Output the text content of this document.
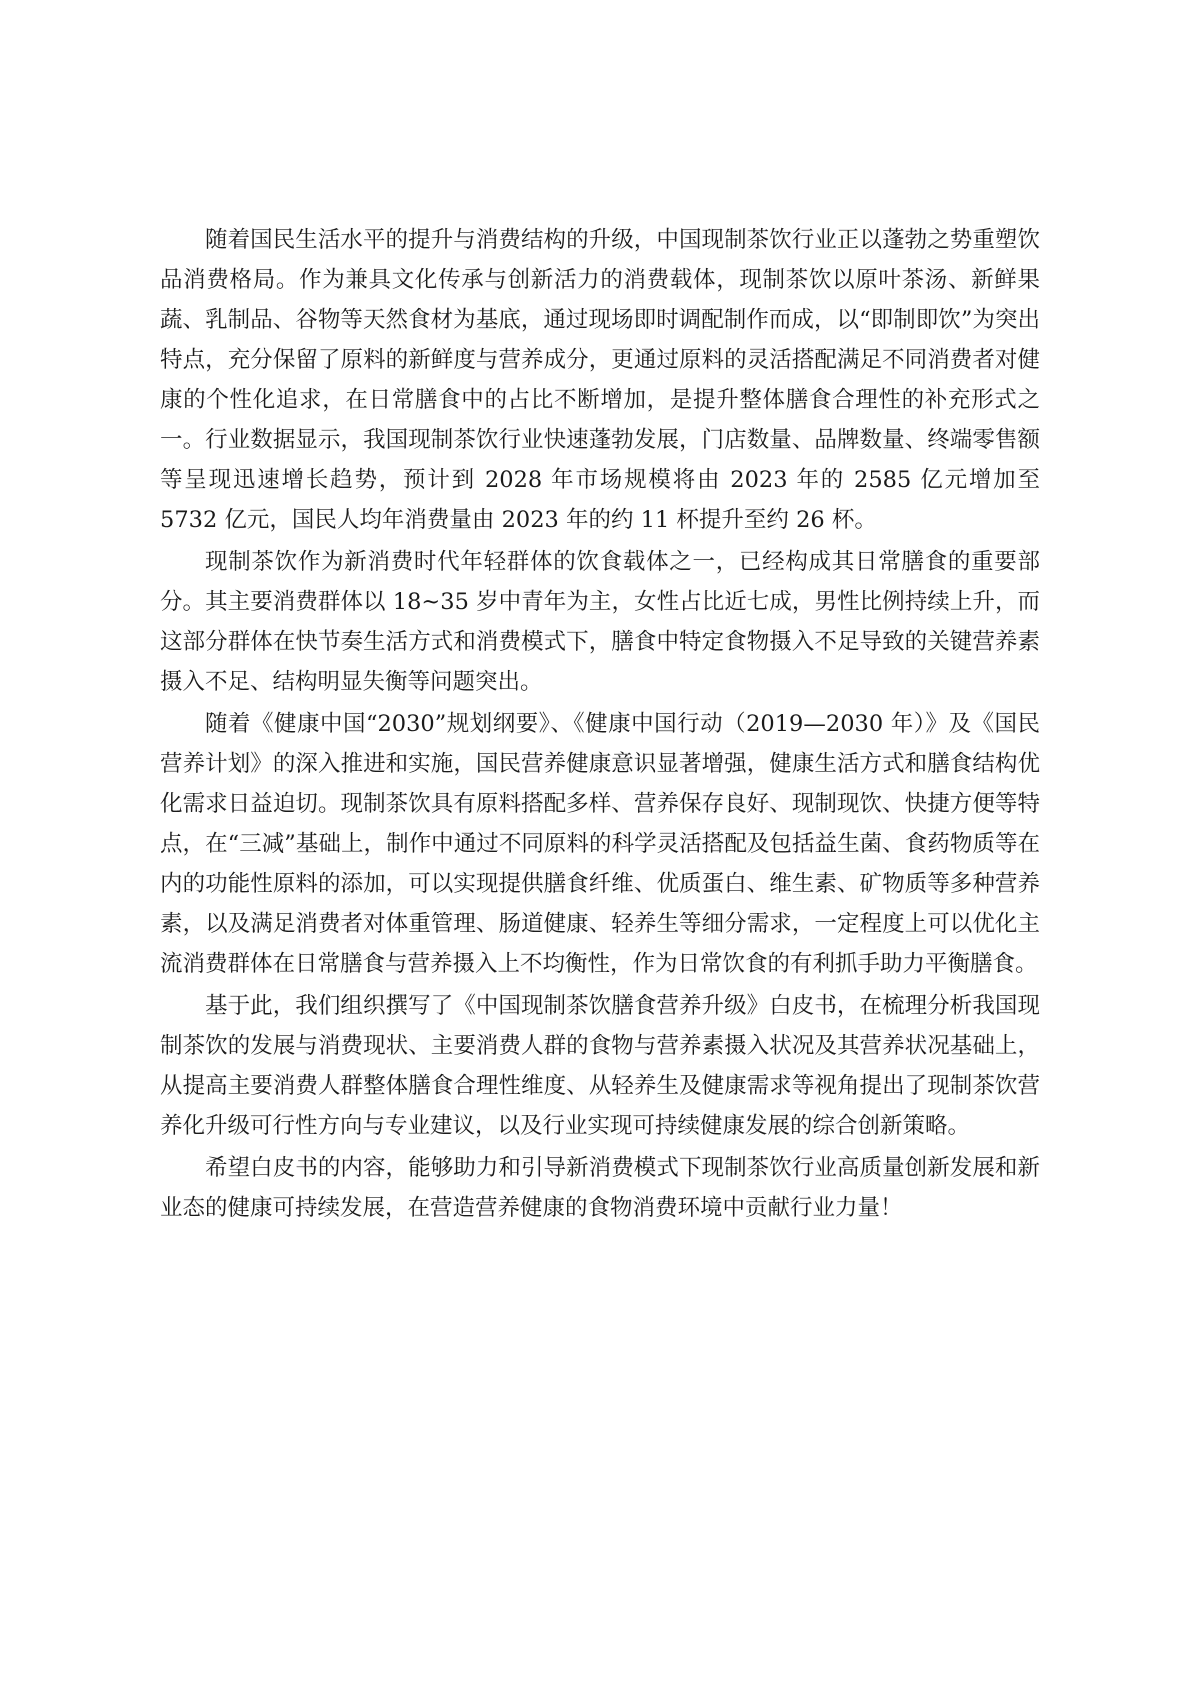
随着国民生活水平的提升与消费结构的升级，中国现制茶饮行业正以蓬勃之势重塑饮品消费格局。作为兼具文化传承与创新活力的消费载体，现制茶饮以原叶茶汤、新鲜果蔬、乳制品、谷物等天然食材为基底，通过现场即时调配制作而成，以“即制即饮”为突出特点，充分保留了原料的新鲜度与营养成分，更通过原料的灵活搭配满足不同消费者对健康的个性化追求，在日常膳食中的占比不断增加，是提升整体膳食合理性的补充形式之一。行业数据显示，我国现制茶饮行业快速蓬勃发展，门店数量、品牌数量、终端零售额等呈现迅速增长趋势，预计到 2028 年市场规模将由 2023 年的 2585 亿元增加至 5732 亿元，国民人均年消费量由 2023 年的约 11 杯提升至约 26 杯。

现制茶饮作为新消费时代年轻群体的饮食载体之一，已经构成其日常膳食的重要部分。其主要消费群体以 18~35 岁中青年为主，女性占比近七成，男性比例持续上升，而这部分群体在快节奏生活方式和消费模式下，膳食中特定食物摄入不足导致的关键营养素摄入不足、结构明显失衡等问题突出。

随着《健康中国“2030”规划纲要》、《健康中国行动（2019—2030 年）》及《国民营养计划》的深入推进和实施，国民营养健康意识显著增强，健康生活方式和膳食结构优化需求日益迫切。现制茶饮具有原料搭配多样、营养保存良好、现制现饮、快捷方便等特点，在“三减”基础上，制作中通过不同原料的科学灵活搭配及包括益生菌、食药物质等在内的功能性原料的添加，可以实现提供膳食纤维、优质蛋白、维生素、矿物质等多种营养素，以及满足消费者对体重管理、肠道健康、轻养生等细分需求，一定程度上可以优化主流消费群体在日常膳食与营养摄入上不均衡性，作为日常饮食的有利抓手助力平衡膳食。

基于此，我们组织撰写了《中国现制茶饮膳食营养升级》白皮书，在梳理分析我国现制茶饮的发展与消费现状、主要消费人群的食物与营养素摄入状况及其营养状况基础上，从提高主要消费人群整体膳食合理性维度、从轻养生及健康需求等视角提出了现制茶饮营养化升级可行性方向与专业建议，以及行业实现可持续健康发展的综合创新策略。

希望白皮书的内容，能够助力和引导新消费模式下现制茶饮行业高质量创新发展和新业态的健康可持续发展，在营造营养健康的食物消费环境中贡献行业力量！
